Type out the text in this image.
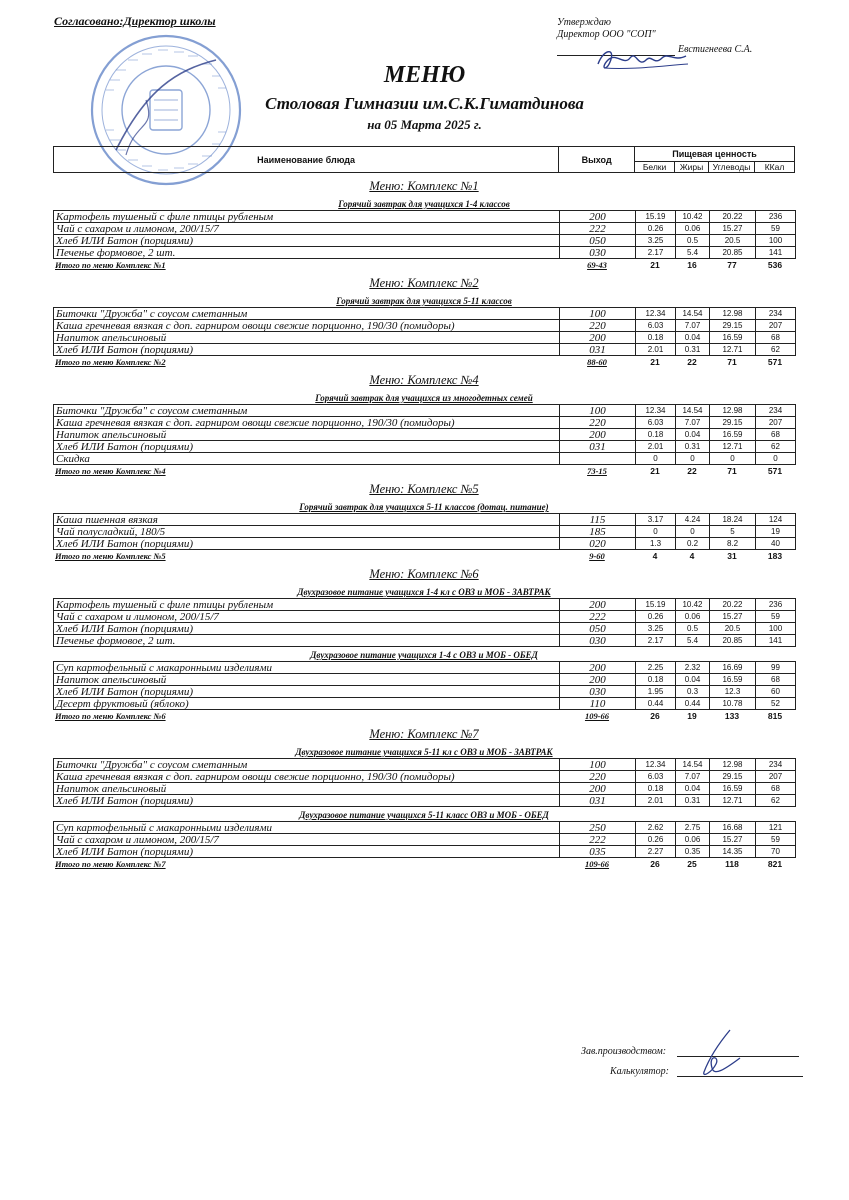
Согласовано:Директор школы	Утверждаю
Директор ООО "СОП"
Евстигнеева С.А.
МЕНЮ
Столовая Гимназии им.С.К.Гиматдинова
на 05 Марта 2025 г.
Наименование блюда	Выход	Пищевая ценность			
		Белки	Жиры	Углеводы	ККал
Меню: Комплекс №1
Горячий завтрак для учащихся 1-4 классов
Картофель тушеный с филе птицы рубленым	200	15.19	10.42	20.22	236
Чай с сахаром и лимоном, 200/15/7	222	0.26	0.06	15.27	59
Хлеб ИЛИ Батон (порциями)	050	3.25	0.5	20.5	100
Печенье формовое, 2 шт.	030	2.17	5.4	20.85	141
Итого по меню Комплекс №1	69-43	21	16	77	536
Меню: Комплекс №2
Горячий завтрак для учащихся 5-11 классов
Биточки "Дружба" с соусом сметанным	100	12.34	14.54	12.98	234
Каша гречневая вязкая с доп. гарниром овощи свежие порционно, 190/30 (помидоры)	220	6.03	7.07	29.15	207
Напиток апельсиновый	200	0.18	0.04	16.59	68
Хлеб ИЛИ Батон (порциями)	031	2.01	0.31	12.71	62
Итого по меню Комплекс №2	88-60	21	22	71	571
Меню: Комплекс №4
Горячий завтрак для учащихся из многодетных семей
Биточки "Дружба" с соусом сметанным	100	12.34	14.54	12.98	234
Каша гречневая вязкая с доп. гарниром овощи свежие порционно, 190/30 (помидоры)	220	6.03	7.07	29.15	207
Напиток апельсиновый	200	0.18	0.04	16.59	68
Хлеб ИЛИ Батон (порциями)	031	2.01	0.31	12.71	62
Скидка		0	0	0	0
Итого по меню Комплекс №4	73-15	21	22	71	571
Меню: Комплекс №5
Горячий завтрак для учащихся 5-11 классов (дотац. питание)
Каша пшенная вязкая	115	3.17	4.24	18.24	124
Чай полусладкий, 180/5	185	0	0	5	19
Хлеб ИЛИ Батон (порциями)	020	1.3	0.2	8.2	40
Итого по меню Комплекс №5	9-60	4	4	31	183
Меню: Комплекс №6
Двухразовое питание учащихся 1-4 кл с ОВЗ и МОБ - ЗАВТРАК
Картофель тушеный с филе птицы рубленым	200	15.19	10.42	20.22	236
Чай с сахаром и лимоном, 200/15/7	222	0.26	0.06	15.27	59
Хлеб ИЛИ Батон (порциями)	050	3.25	0.5	20.5	100
Печенье формовое, 2 шт.	030	2.17	5.4	20.85	141
Двухразовое питание учащихся 1-4 с ОВЗ и МОБ - ОБЕД
Суп картофельный с макаронными изделиями	200	2.25	2.32	16.69	99
Напиток апельсиновый	200	0.18	0.04	16.59	68
Хлеб ИЛИ Батон (порциями)	030	1.95	0.3	12.3	60
Десерт фруктовый (яблоко)	110	0.44	0.44	10.78	52
Итого по меню Комплекс №6	109-66	26	19	133	815
Меню: Комплекс №7
Двухразовое питание учащихся 5-11 кл с ОВЗ и МОБ - ЗАВТРАК
Биточки "Дружба" с соусом сметанным	100	12.34	14.54	12.98	234
Каша гречневая вязкая с доп. гарниром овощи свежие порционно, 190/30 (помидоры)	220	6.03	7.07	29.15	207
Напиток апельсиновый	200	0.18	0.04	16.59	68
Хлеб ИЛИ Батон (порциями)	031	2.01	0.31	12.71	62
Двухразовое питание учащихся 5-11 класс ОВЗ и МОБ - ОБЕД
Суп картофельный с макаронными изделиями	250	2.62	2.75	16.68	121
Чай с сахаром и лимоном, 200/15/7	222	0.26	0.06	15.27	59
Хлеб ИЛИ Батон (порциями)	035	2.27	0.35	14.35	70
Итого по меню Комплекс №7	109-66	26	25	118	821
Зав.производством:
Калькулятор:
